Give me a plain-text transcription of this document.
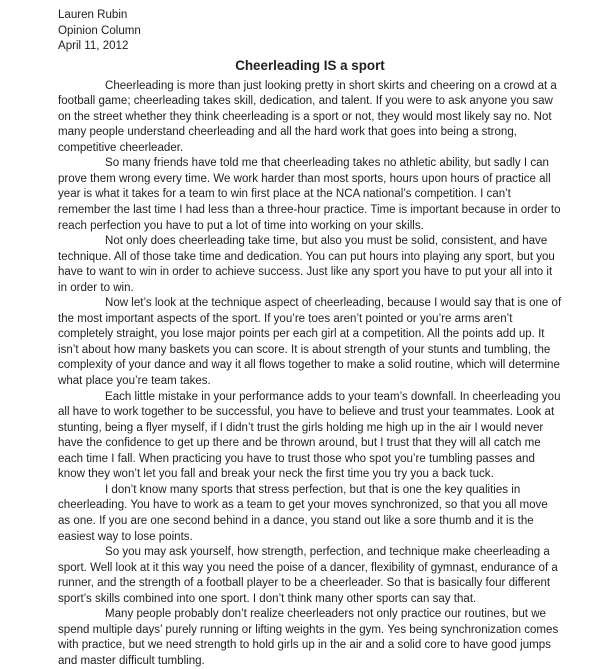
Lauren Rubin

Opinion Column

April 11, 2012

Cheerleading IS a sport

Cheerleading is more than just looking pretty in short skirts and cheering on a crowd at a football game; cheerleading takes skill, dedication, and talent. If you were to ask anyone you saw on the street whether they think cheerleading is a sport or not, they would most likely say no. Not many people understand cheerleading and all the hard work that goes into being a strong, competitive cheerleader.

So many friends have told me that cheerleading takes no athletic ability, but sadly I can prove them wrong every time. We work harder than most sports, hours upon hours of practice all year is what it takes for a team to win first place at the NCA national’s competition. I can’t remember the last time I had less than a three-hour practice. Time is important because in order to reach perfection you have to put a lot of time into working on your skills.

Not only does cheerleading take time, but also you must be solid, consistent, and have technique. All of those take time and dedication. You can put hours into playing any sport, but you have to want to win in order to achieve success. Just like any sport you have to put your all into it in order to win.

Now let’s look at the technique aspect of cheerleading, because I would say that is one of the most important aspects of the sport. If you’re toes aren’t pointed or you’re arms aren’t completely straight, you lose major points per each girl at a competition. All the points add up. It isn’t about how many baskets you can score. It is about strength of your stunts and tumbling, the complexity of your dance and way it all flows together to make a solid routine, which will determine what place you’re team takes.

Each little mistake in your performance adds to your team’s downfall. In cheerleading you all have to work together to be successful, you have to believe and trust your teammates. Look at stunting, being a flyer myself, if I didn’t trust the girls holding me high up in the air I would never have the confidence to get up there and be thrown around, but I trust that they will all catch me each time I fall. When practicing you have to trust those who spot you’re tumbling passes and know they won’t let you fall and break your neck the first time you try you a back tuck.

I don’t know many sports that stress perfection, but that is one the key qualities in cheerleading. You have to work as a team to get your moves synchronized, so that you all move as one. If you are one second behind in a dance, you stand out like a sore thumb and it is the easiest way to lose points.

So you may ask yourself, how strength, perfection, and technique make cheerleading a sport. Well look at it this way you need the poise of a dancer, flexibility of gymnast, endurance of a runner, and the strength of a football player to be a cheerleader. So that is basically four different sport’s skills combined into one sport. I don’t think many other sports can say that.

Many people probably don’t realize cheerleaders not only practice our routines, but we spend multiple days’ purely running or lifting weights in the gym. Yes being synchronization comes with practice, but we need strength to hold girls up in the air and a solid core to have good jumps and master difficult tumbling.
